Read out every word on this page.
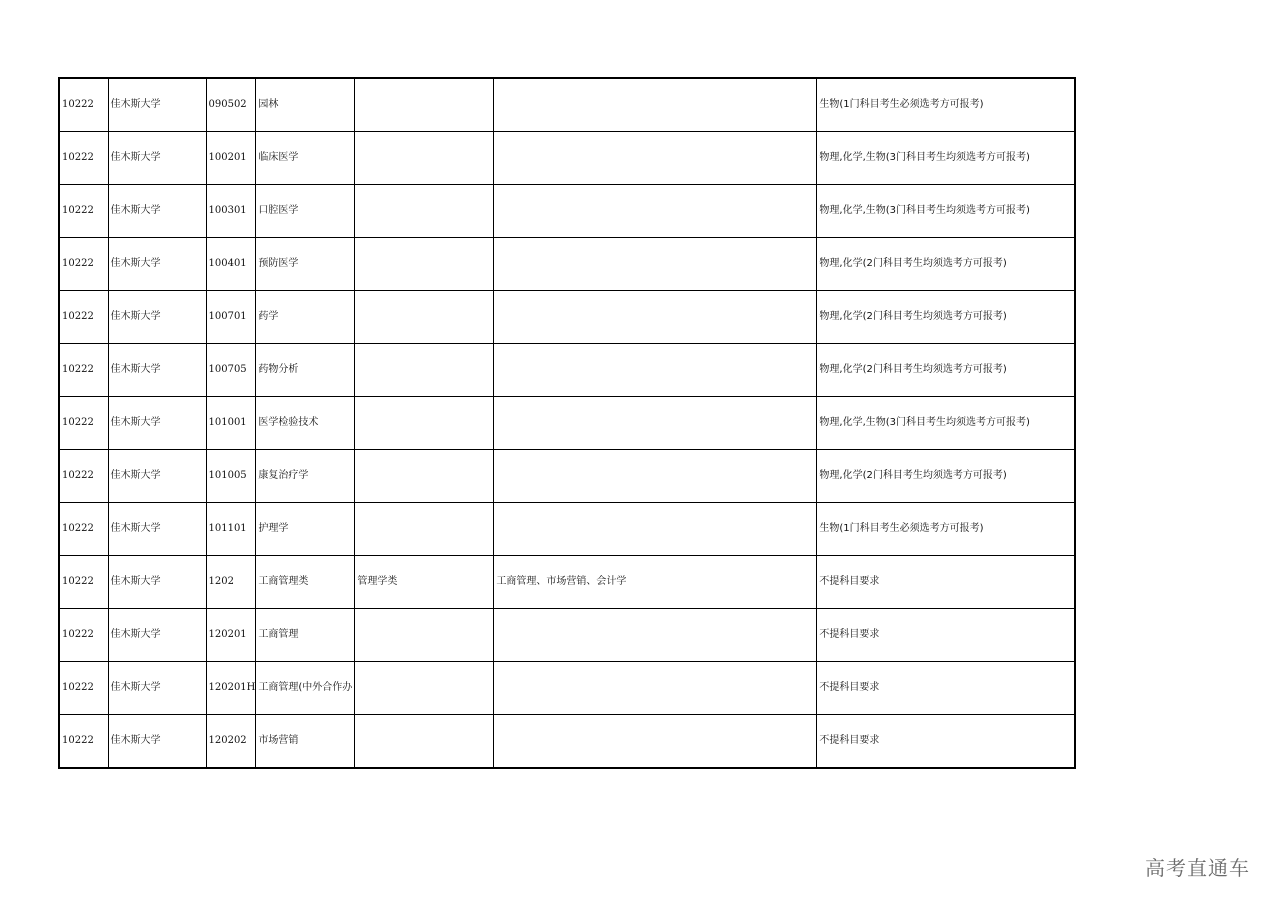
10222	佳木斯大学	090502	园林			生物(1门科目考生必须选考方可报考)
10222	佳木斯大学	100201	临床医学			物理,化学,生物(3门科目考生均须选考方可报考)
10222	佳木斯大学	100301	口腔医学			物理,化学,生物(3门科目考生均须选考方可报考)
10222	佳木斯大学	100401	预防医学			物理,化学(2门科目考生均须选考方可报考)
10222	佳木斯大学	100701	药学			物理,化学(2门科目考生均须选考方可报考)
10222	佳木斯大学	100705	药物分析			物理,化学(2门科目考生均须选考方可报考)
10222	佳木斯大学	101001	医学检验技术			物理,化学,生物(3门科目考生均须选考方可报考)
10222	佳木斯大学	101005	康复治疗学			物理,化学(2门科目考生均须选考方可报考)
10222	佳木斯大学	101101	护理学			生物(1门科目考生必须选考方可报考)
10222	佳木斯大学	1202	工商管理类	管理学类	工商管理、市场营销、会计学	不提科目要求
10222	佳木斯大学	120201	工商管理			不提科目要求
10222	佳木斯大学	120201H	工商管理(中外合作办			不提科目要求
10222	佳木斯大学	120202	市场营销			不提科目要求
高考直通车
